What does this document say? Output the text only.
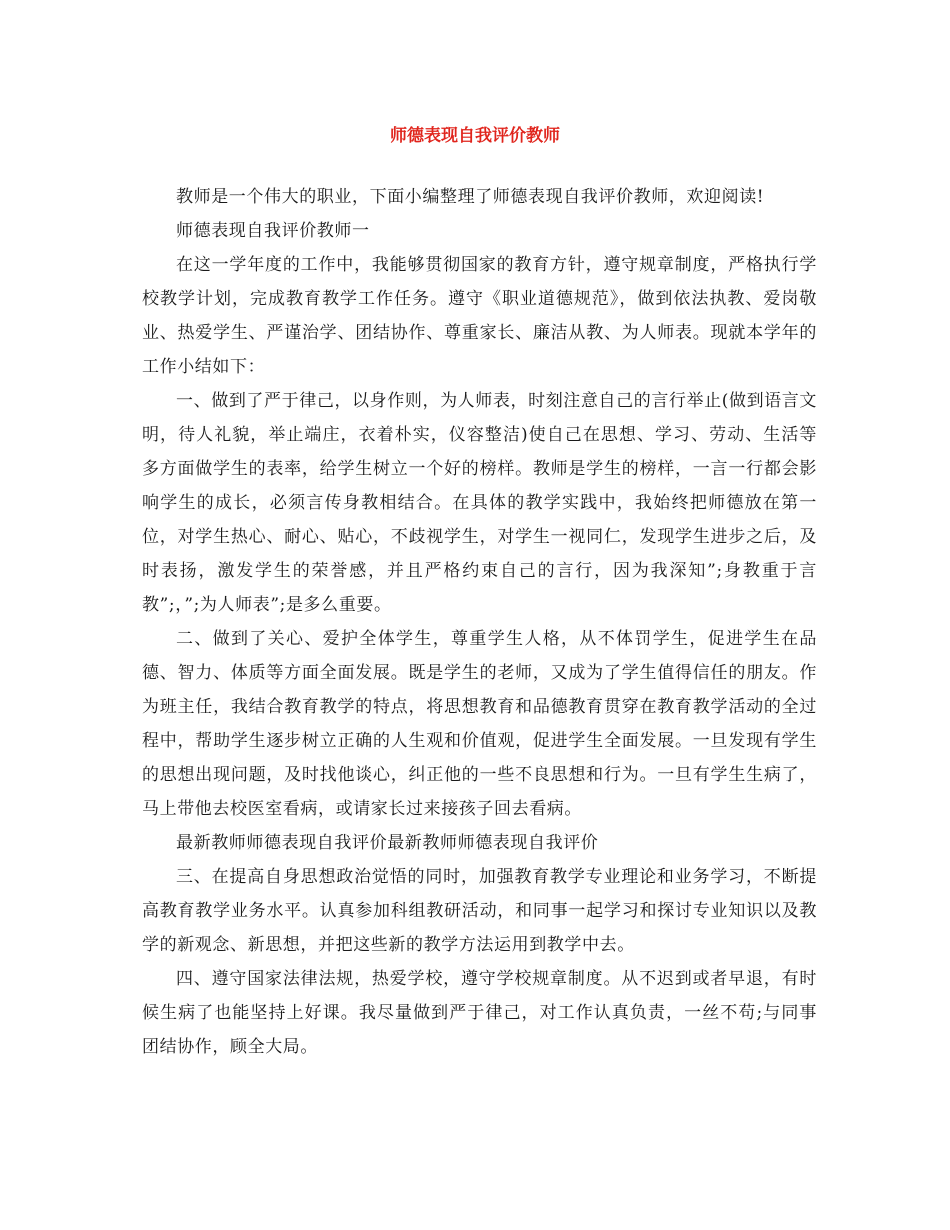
师德表现自我评价教师

教师是一个伟大的职业，下面小编整理了师德表现自我评价教师，欢迎阅读!

师德表现自我评价教师一

在这一学年度的工作中，我能够贯彻国家的教育方针，遵守规章制度，严格执行学校教学计划，完成教育教学工作任务。遵守《职业道德规范》，做到依法执教、爱岗敬业、热爱学生、严谨治学、团结协作、尊重家长、廉洁从教、为人师表。现就本学年的工作小结如下：

一、做到了严于律己，以身作则，为人师表，时刻注意自己的言行举止(做到语言文明，待人礼貌，举止端庄，衣着朴实，仪容整洁)使自己在思想、学习、劳动、生活等多方面做学生的表率，给学生树立一个好的榜样。教师是学生的榜样，一言一行都会影响学生的成长，必须言传身教相结合。在具体的教学实践中，我始终把师德放在第一位，对学生热心、耐心、贴心，不歧视学生，对学生一视同仁，发现学生进步之后，及时表扬，激发学生的荣誉感，并且严格约束自己的言行，因为我深知”;身教重于言教”;，”;为人师表”;是多么重要。

二、做到了关心、爱护全体学生，尊重学生人格，从不体罚学生，促进学生在品德、智力、体质等方面全面发展。既是学生的老师，又成为了学生值得信任的朋友。作为班主任，我结合教育教学的特点，将思想教育和品德教育贯穿在教育教学活动的全过程中，帮助学生逐步树立正确的人生观和价值观，促进学生全面发展。一旦发现有学生的思想出现问题，及时找他谈心，纠正他的一些不良思想和行为。一旦有学生生病了，马上带他去校医室看病，或请家长过来接孩子回去看病。

最新教师师德表现自我评价最新教师师德表现自我评价

三、在提高自身思想政治觉悟的同时，加强教育教学专业理论和业务学习，不断提高教育教学业务水平。认真参加科组教研活动，和同事一起学习和探讨专业知识以及教学的新观念、新思想，并把这些新的教学方法运用到教学中去。

四、遵守国家法律法规，热爱学校，遵守学校规章制度。从不迟到或者早退，有时候生病了也能坚持上好课。我尽量做到严于律己，对工作认真负责，一丝不苟;与同事团结协作，顾全大局。
